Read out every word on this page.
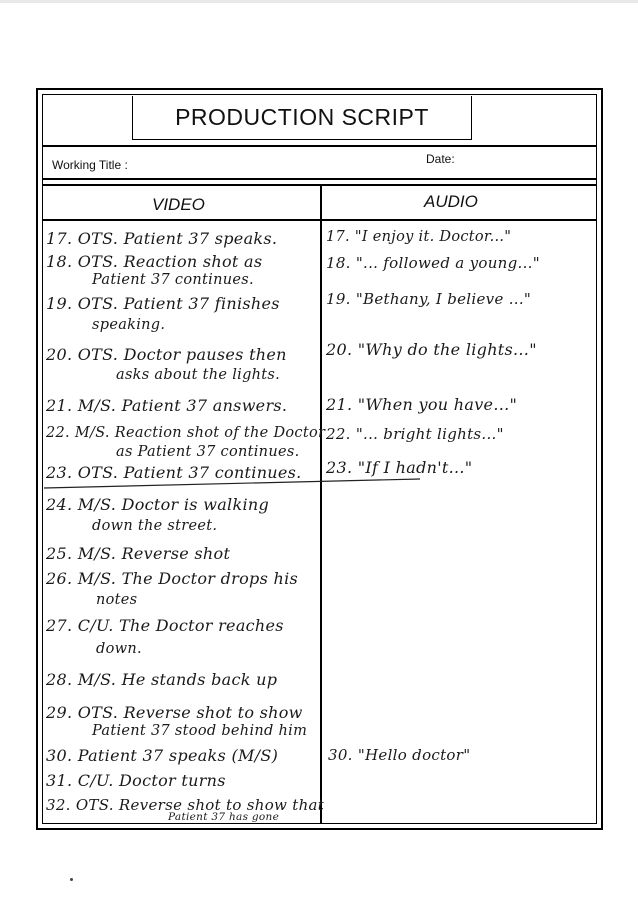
PRODUCTION SCRIPT
Working Title :	Date:
VIDEO	AUDIO
17. OTS. Patient 37 speaks.
18. OTS. Reaction shot as
Patient 37 continues.
19. OTS. Patient 37 finishes
speaking.
20. OTS. Doctor pauses then
asks about the lights.
21. M/S. Patient 37 answers.
22. M/S. Reaction shot of the Doctor
as Patient 37 continues.
23. OTS. Patient 37 continues.
24. M/S. Doctor is walking
down the street.
25. M/S. Reverse shot
26. M/S. The Doctor drops his
notes
27. C/U. The Doctor reaches
down.
28. M/S. He stands back up
29. OTS. Reverse shot to show
Patient 37 stood behind him
30. Patient 37 speaks (M/S)
31. C/U. Doctor turns
32. OTS. Reverse shot to show that
Patient 37 has gone
17. "I enjoy it. Doctor..."
18. "... followed a young..."
19. "Bethany, I believe ..."
20. "Why do the lights..."
21. "When you have..."
22. "... bright lights..."
23. "If I hadn't..."
30. "Hello doctor"
